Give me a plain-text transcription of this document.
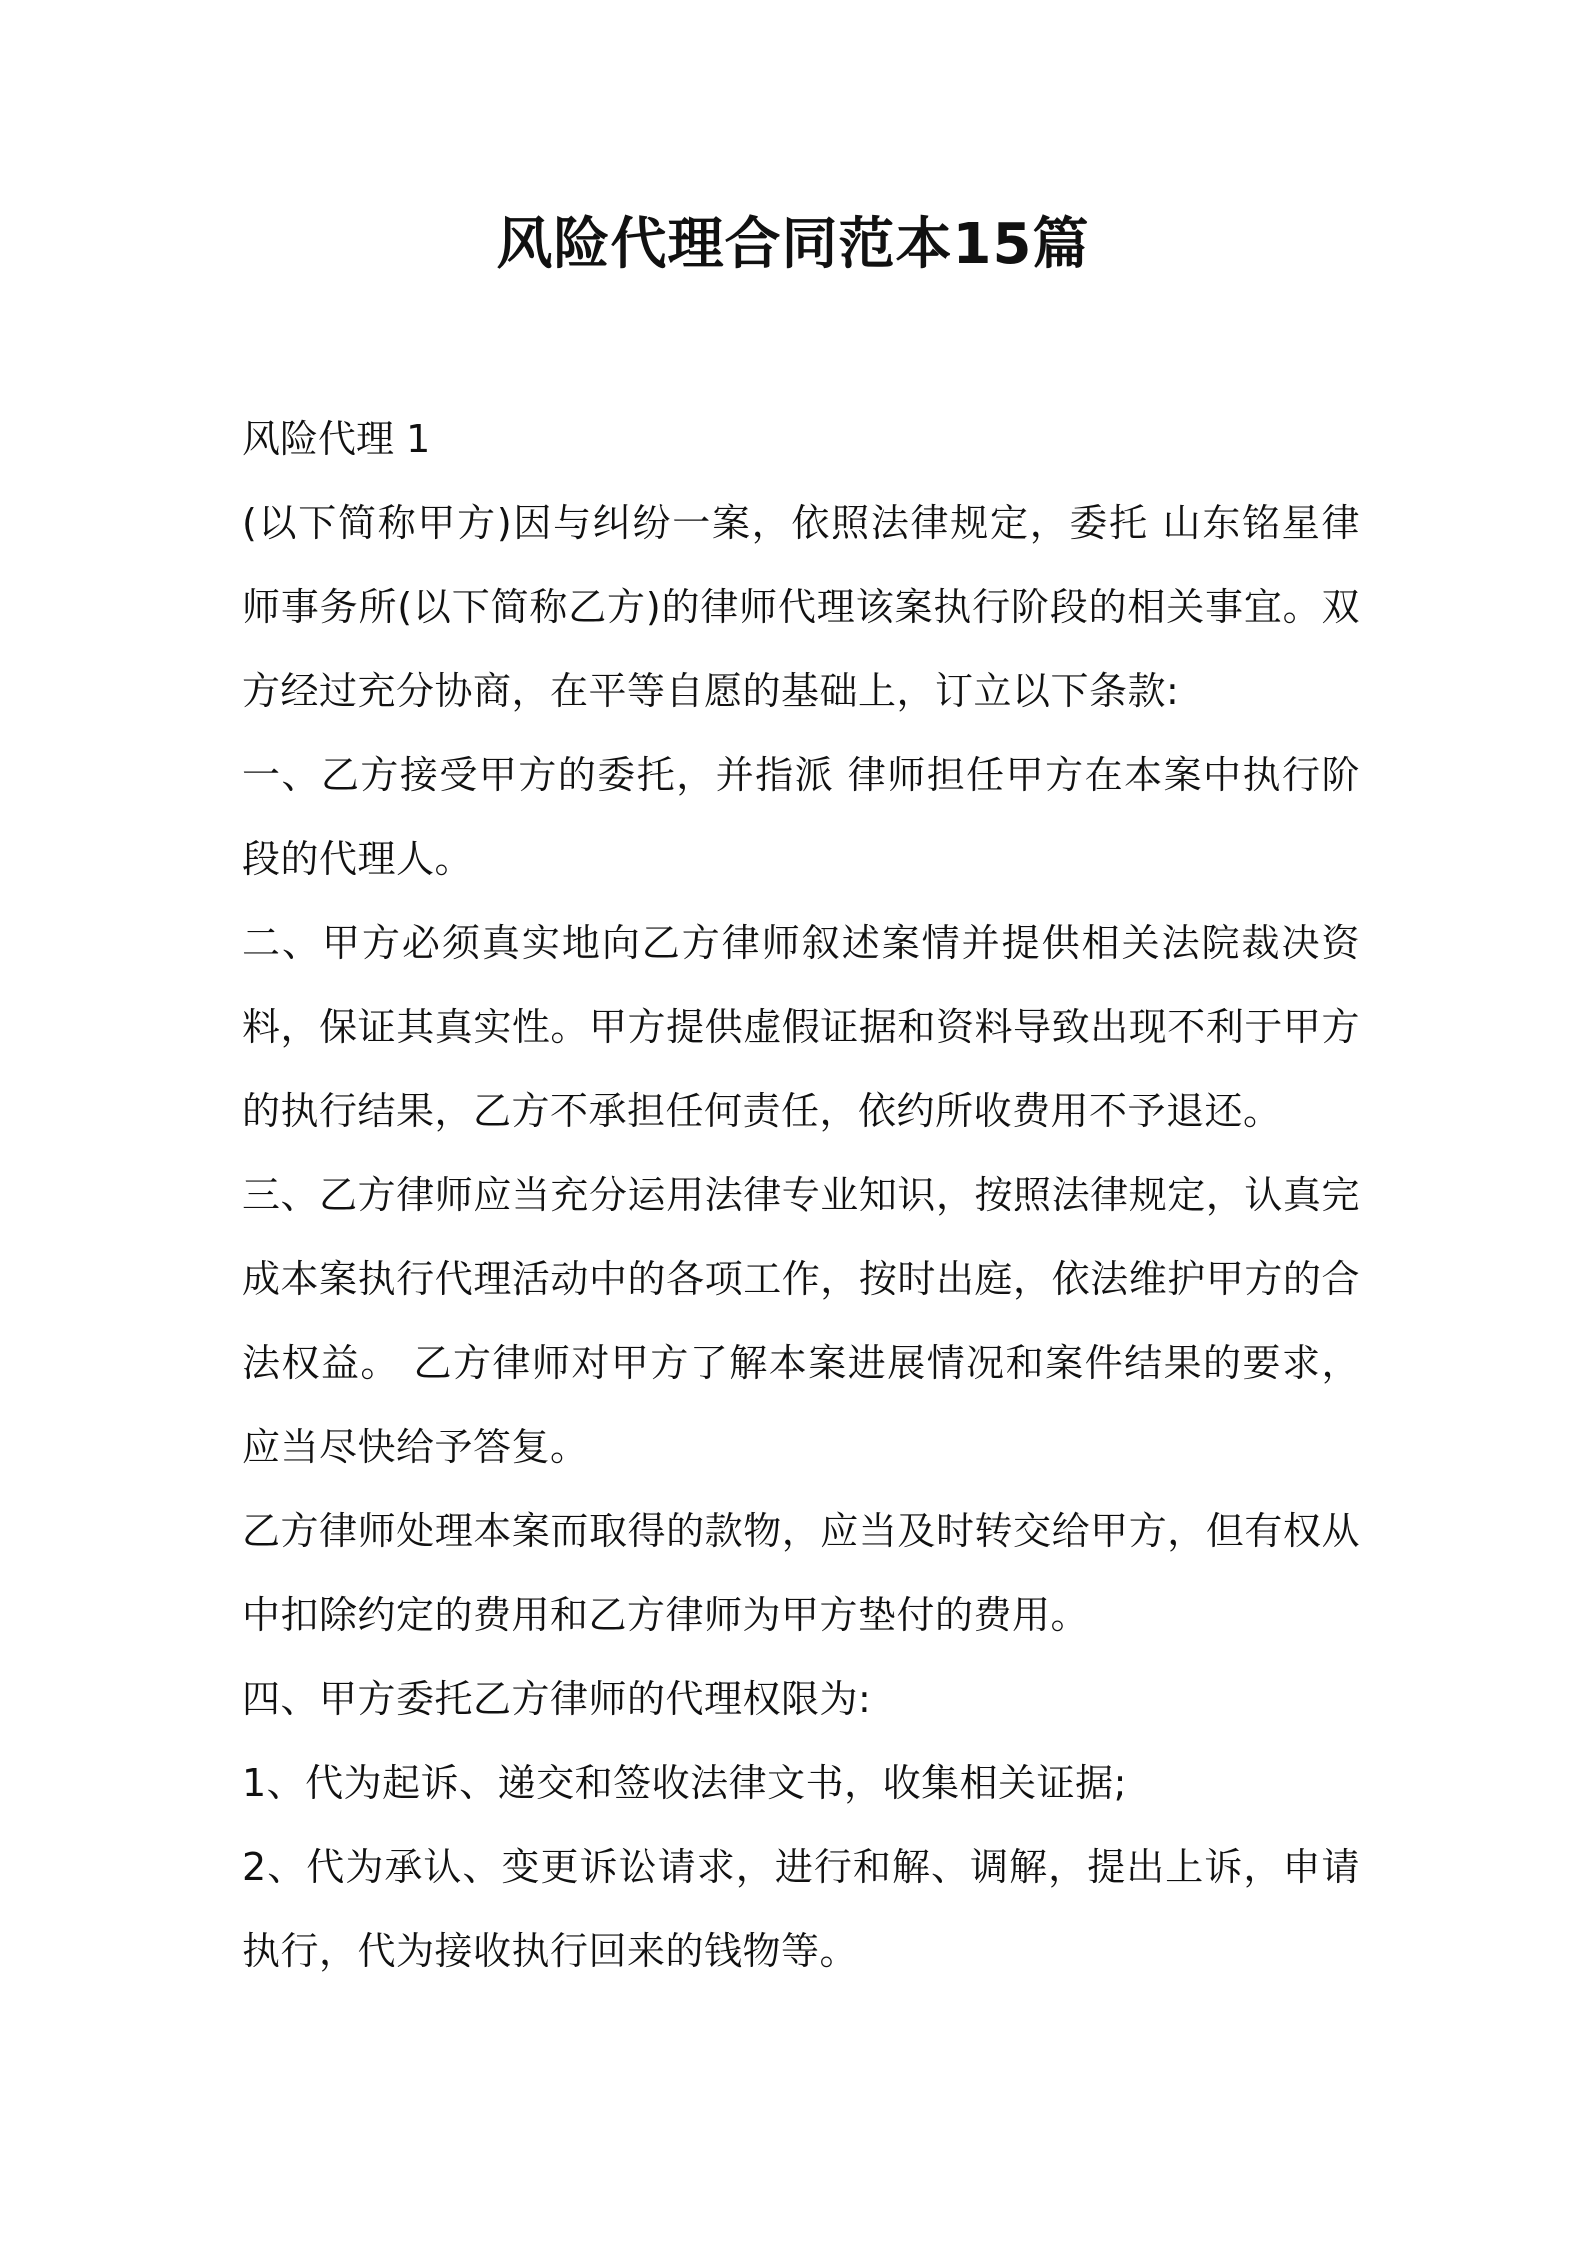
风险代理合同范本15篇

风险代理 1

(以下简称甲方)因与纠纷一案，依照法律规定，委托 山东铭星律师事务所(以下简称乙方)的律师代理该案执行阶段的相关事宜。双方经过充分协商，在平等自愿的基础上，订立以下条款:

一、乙方接受甲方的委托，并指派 律师担任甲方在本案中执行阶段的代理人。

二、甲方必须真实地向乙方律师叙述案情并提供相关法院裁决资料，保证其真实性。甲方提供虚假证据和资料导致出现不利于甲方的执行结果，乙方不承担任何责任，依约所收费用不予退还。

三、乙方律师应当充分运用法律专业知识，按照法律规定，认真完成本案执行代理活动中的各项工作，按时出庭，依法维护甲方的合法权益。 乙方律师对甲方了解本案进展情况和案件结果的要求，应当尽快给予答复。

乙方律师处理本案而取得的款物，应当及时转交给甲方，但有权从中扣除约定的费用和乙方律师为甲方垫付的费用。

四、甲方委托乙方律师的代理权限为:

1、代为起诉、递交和签收法律文书，收集相关证据;

2、代为承认、变更诉讼请求，进行和解、调解，提出上诉，申请执行，代为接收执行回来的钱物等。
